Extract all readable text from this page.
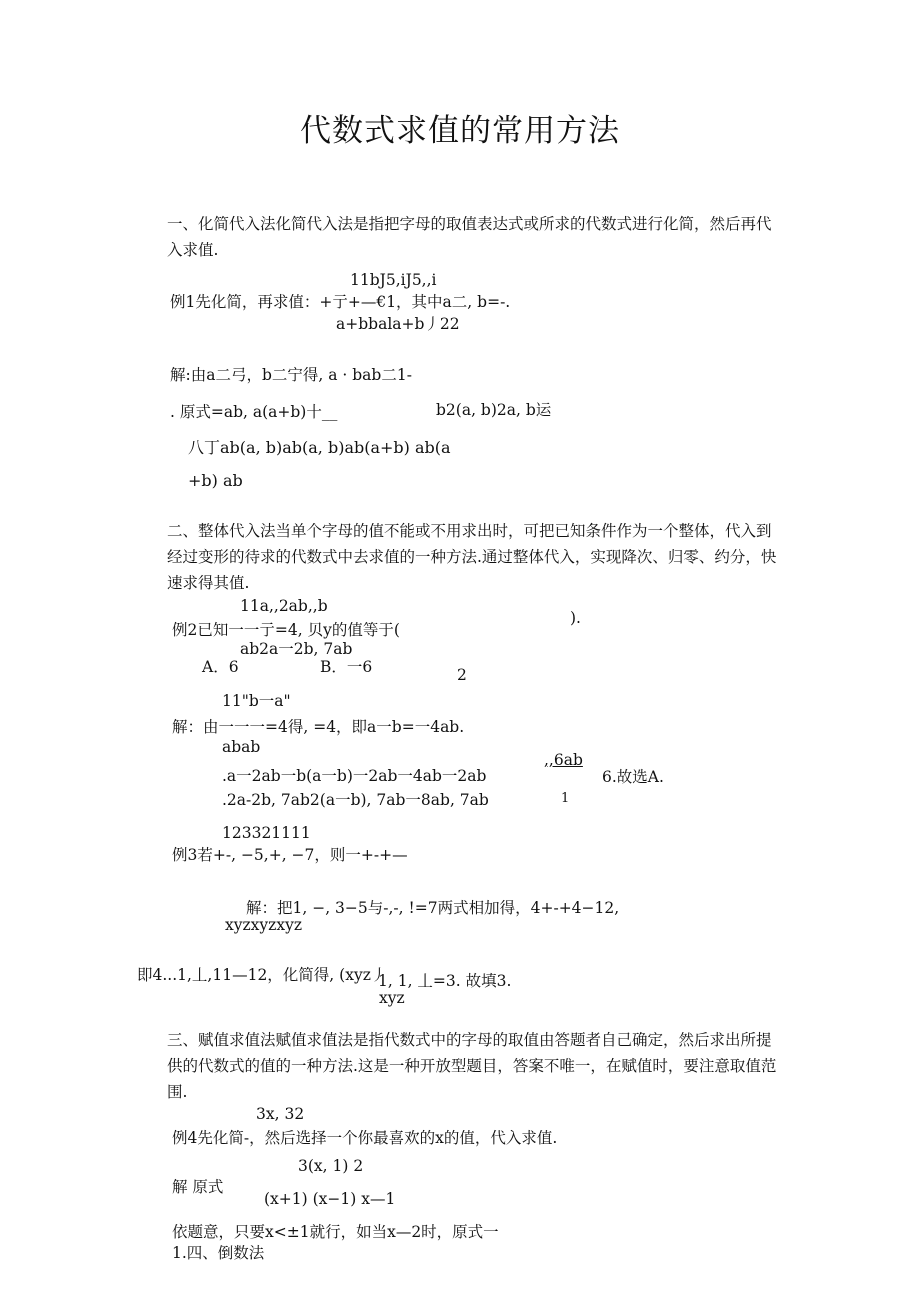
代数式求值的常用方法
一、化简代入法化简代入法是指把字母的取值表达式或所求的代数式进行化简，然后再代入求值.
11bJ5,iJ5,,i
例1先化简，再求值：+亍+—€1，其中a二, b=-.
a+bbala+b丿22
解:由a二弓，b二宁得, a · bab二1-
. 原式=ab, a(a+b)十__	b2(a, b)2a, b运
八丁ab(a, b)ab(a, b)ab(a+b) ab(a
+b) ab
二、整体代入法当单个字母的值不能或不用求出时，可把已知条件作为一个整体，代入到经过变形的待求的代数式中去求值的一种方法.通过整体代入，实现降次、归零、约分，快速求得其值.
11a,,2ab,,b
例2已知一一亍=4, 贝y的值等于(
).
ab2a一2b, 7ab
A．6	B．一6	2
11"b一a"
解：由一一一=4得, =4，即a一b=一4ab.
abab
.a一2ab一b(a一b)一2ab一4ab一2ab
,,6ab
6.故选A.
.2a-2b, 7ab2(a一b), 7ab一8ab, 7ab	1
123321111
例3若+-, −5,+, −7，则一+-+—
解：把1, −, 3−5与-,-, !=7两式相加得，4+-+4−12,
xyzxyzxyz
即4...1,丄,11—12，化简得, (xyz丿
1, 1, 丄=3. 故填3.
xyz
三、赋值求值法赋值求值法是指代数式中的字母的取值由答题者自己确定，然后求出所提供的代数式的值的一种方法.这是一种开放型题目，答案不唯一，在赋值时，要注意取值范围.
3x, 32
例4先化简-，然后选择一个你最喜欢的x的值，代入求值.
3(x, 1) 2
解 原式
(x+1) (x−1) x—1
依题意，只要x<±1就行，如当x—2时，原式一
1.四、倒数法
